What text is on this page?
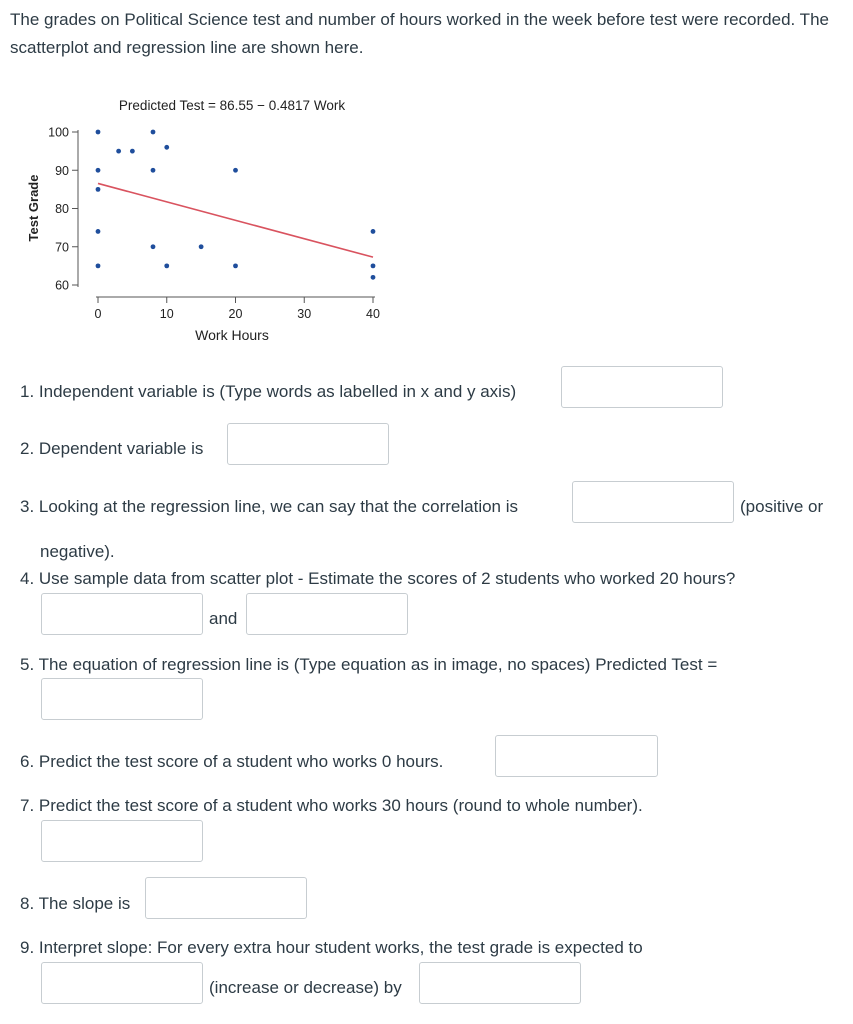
The grades on Political Science test and number of hours worked in the week before test were recorded. The scatterplot and regression line are shown here.

Predicted Test = 86.55 − 0.4817 Work
60
70
80
90
100
0	10	20	30	40
Work Hours
Test Grade
1. Independent variable is (Type words as labelled in x and y axis)
2. Dependent variable is
3. Looking at the regression line, we can say that the correlation is	(positive or
negative).
4. Use sample data from scatter plot - Estimate the scores of 2 students who worked 20 hours?
and
5. The equation of regression line is (Type equation as in image, no spaces) Predicted Test =
6. Predict the test score of a student who works 0 hours.
7. Predict the test score of a student who works 30 hours (round to whole number).
8. The slope is
9. Interpret slope: For every extra hour student works, the test grade is expected to
(increase or decrease) by
